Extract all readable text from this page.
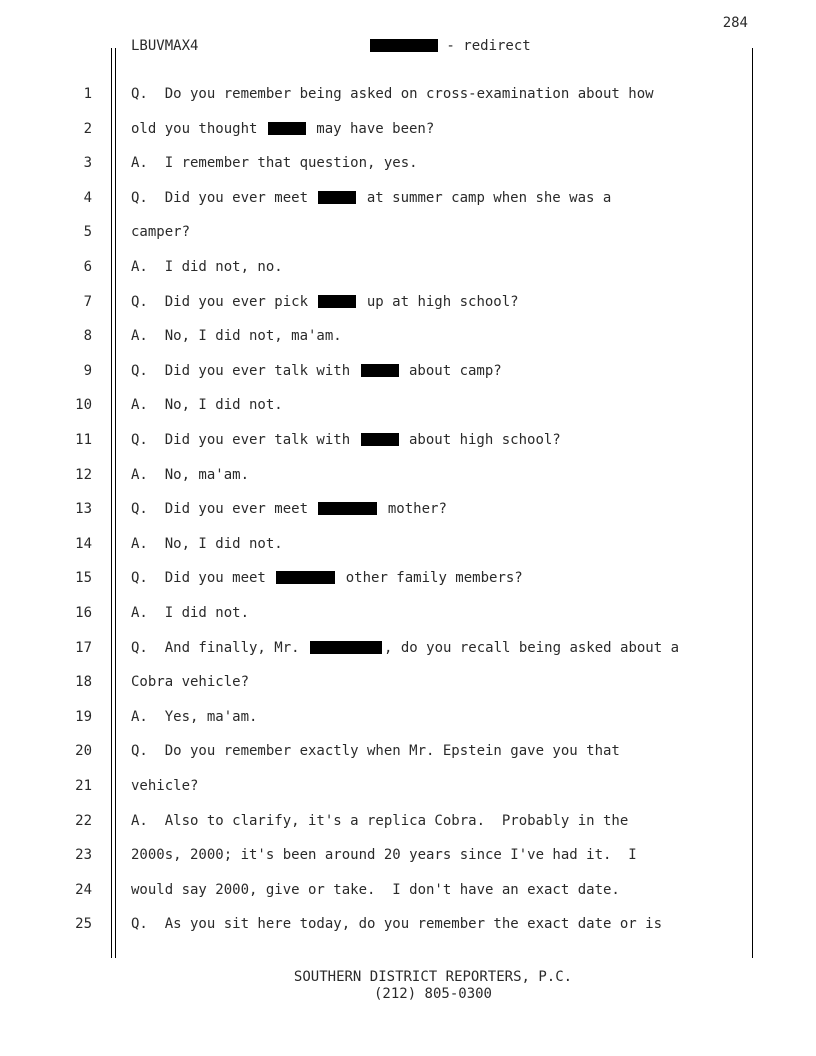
284
LBUVMAX4	- redirect
1	Q.  Do you remember being asked on cross-examination about how
2	old you thought	may have been?
3	A.  I remember that question, yes.
4	Q.  Did you ever meet	at summer camp when she was a
5	camper?
6	A.  I did not, no.
7	Q.  Did you ever pick	up at high school?
8	A.  No, I did not, ma'am.
9	Q.  Did you ever talk with	about camp?
10	A.  No, I did not.
11	Q.  Did you ever talk with	about high school?
12	A.  No, ma'am.
13	Q.  Did you ever meet	mother?
14	A.  No, I did not.
15	Q.  Did you meet	other family members?
16	A.  I did not.
17	Q.  And finally, Mr.	, do you recall being asked about a
18	Cobra vehicle?
19	A.  Yes, ma'am.
20	Q.  Do you remember exactly when Mr. Epstein gave you that
21	vehicle?
22	A.  Also to clarify, it's a replica Cobra.  Probably in the
23	2000s, 2000; it's been around 20 years since I've had it.  I
24	would say 2000, give or take.  I don't have an exact date.
25	Q.  As you sit here today, do you remember the exact date or is
SOUTHERN DISTRICT REPORTERS, P.C.
(212) 805-0300
